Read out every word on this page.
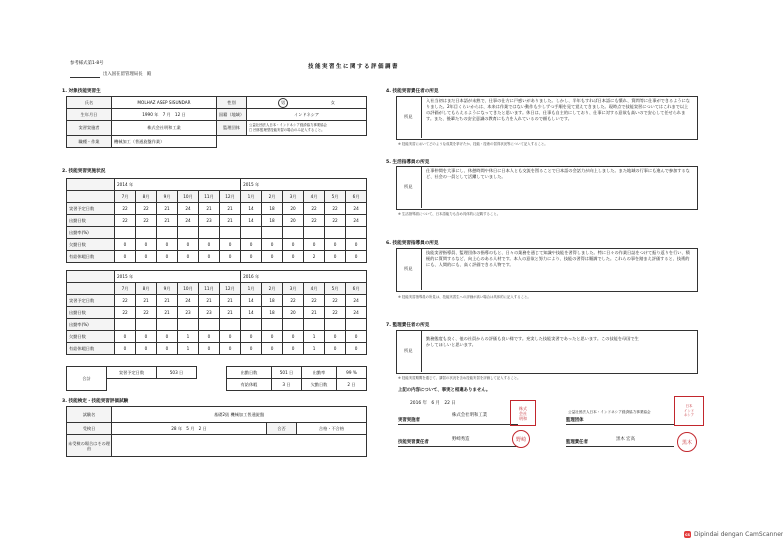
参考様式第1-8号
出入国在留管理局長　殿
技能実習生に関する評価調書
1. 対象技能実習生
氏名	MOLHAZ ASEP SISUNDAR	性別	男 女
生年月日	1990 年　7 月　12 日	国籍（地域）	インドネシア
実習実施者	株式会社明和工業	監理団体	公益社団法人日本・インドネシア経済協力事業協会
□ 団体監理型技能実習の場合のみ記入すること。
職種・作業	機械加工（普通旋盤作業）		
2. 技能実習実施状況
	2014 年						2015 年					
	7月	8月	9月	10月	11月	12月	1月	2月	3月	4月	5月	6月
実習予定日数	22	22	21	24	21	21	14	18	20	22	22	24
出勤日数	22	22	21	24	23	21	14	18	20	22	22	24
出勤率(%)												
欠勤日数	0	0	0	0	0	0	0	0	0	0	0	0
有給休暇日数	0	0	0	0	0	0	0	0	0	2	0	0
	2015 年						2016 年					
	7月	8月	9月	10月	11月	12月	1月	2月	3月	4月	5月	6月
実習予定日数	22	21	21	24	21	21	14	18	22	22	22	24
出勤日数	22	22	21	23	23	21	14	18	20	21	22	24
出勤率(%)												
欠勤日数	0	0	0	1	0	0	0	0	0	1	0	0
有給休暇日数	0	0	0	1	0	0	0	0	0	1	0	0
合計	実習予定日数	503 日		出勤日数	501 日	出勤率	99 %
				有給休暇	3 日	欠勤日数	2 日
3. 技能検定・技能実習評価試験
試験名	基礎2級 機械加工普通旋盤		
受検日	28 年　5 月　2 日	合否	合格・不合格
未受検の場合はその理由			
4. 技能実習責任者の所見
所見
入社当初はまだ日本語が未熟で、仕事の仕方に戸惑いがありました。しかし、半年もすれば日本語にも慣れ、質問等に仕事ができるようになりました。2年目くらいからは、本来は作業ではない動作も少しずつ手順を見て覚えてきました。現時点で技能実習についてはこれまで以上の評価がしてもらえるようになってきたと思います。休日は、仕事も自主的にしており、仕事に対する意欲も高いので安心して任せられます。また、後輩たちの安全意識の教育にも力を入れているので頼もしいです。
※ 技能実習においてどのような成果を挙げたか、技能・技術の習得状況等について記入すること。
5. 生活指導員の所見
所見
仕事仲間を大事にし、休憩時間や休日に日本人とも交流を図ることで日本語の会話力が向上しました。また地域の行事にも進んで参加するなど、社会の一員として活躍していました。
※ 生活指導面について、日本語能力も含め具体的に記載すること。
6. 技能実習指導員の所見
所見
技能実習指導員、監理団体の指導のもと、日々の業務を通じて知識や技能を習得しました。特に日々の作業日誌をつけて振り返りを行い、積極的に質問するなど、向上心のある人材です。本人の意欲と努力により、技能の習得は順調でした。これらの事を踏まえ評価すると、技術的にも、人間的にも、高く評価できる人物です。
※ 技能実習指導員の所見は、技能実習生への評価が高い場合は具体的に記入すること。
7. 監理責任者の所見
所見
勤務態度も良く、他の社員からの評価も良い様です。充実した技能実習であったと思います。この技能を母国で生かしてほしいと思います。
※ 技能実習期間を通じて、講習の状況を含め技能実習を評価して記入すること。
上記の内容について、事実と相違ありません。
2016 年　6 月　22 日
実習実施者
株式会社明和工業
技能実習責任者
野崎秀造
監理団体
公益社団法人日本・インドネシア経済協力事業協会
監理責任者
黒木 宏高
株式
会社
明和
野崎
日本
インド
ネシア
黒木
cs Dipindai dengan CamScanner
